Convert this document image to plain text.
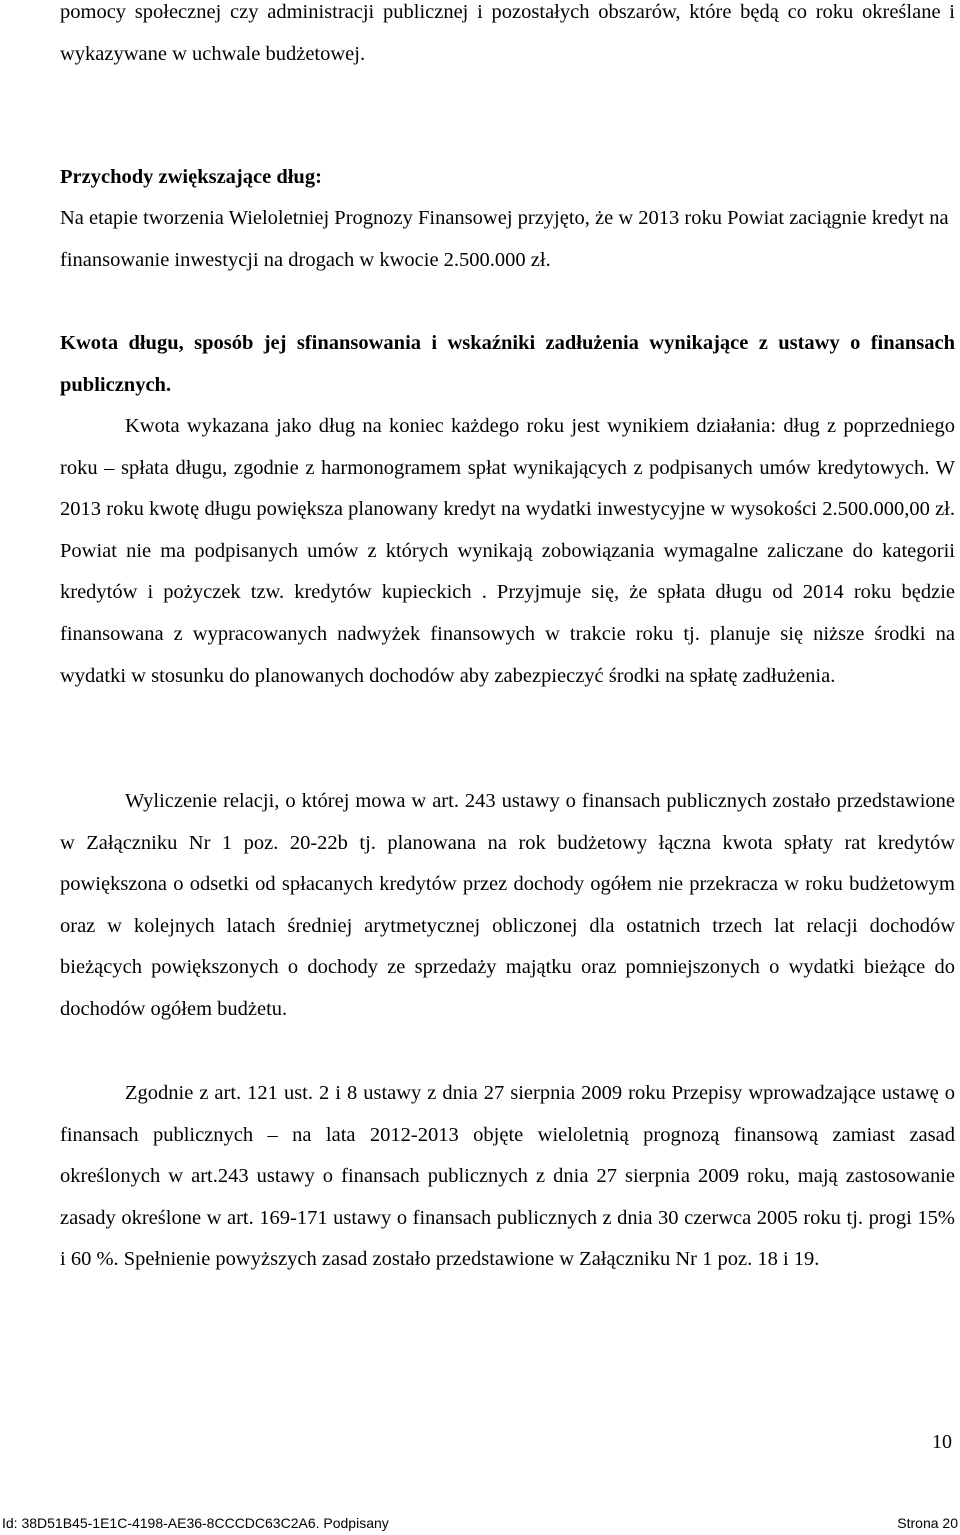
pomocy społecznej czy administracji publicznej i pozostałych obszarów, które będą co roku określane i wykazywane w uchwale budżetowej.

Przychody zwiększające dług:

Na etapie tworzenia Wieloletniej Prognozy Finansowej przyjęto, że w 2013 roku Powiat zaciągnie kredyt na finansowanie inwestycji na drogach w kwocie 2.500.000 zł.

Kwota długu, sposób jej sfinansowania i wskaźniki zadłużenia wynikające z ustawy o finansach publicznych.

Kwota wykazana jako dług na koniec każdego roku jest wynikiem działania: dług z poprzedniego roku – spłata długu, zgodnie z harmonogramem spłat wynikających z podpisanych umów kredytowych. W 2013 roku kwotę długu powiększa planowany kredyt na wydatki inwestycyjne w wysokości 2.500.000,00 zł. Powiat nie ma podpisanych umów z których wynikają zobowiązania wymagalne zaliczane do kategorii kredytów i pożyczek tzw. kredytów kupieckich . Przyjmuje się, że spłata długu od 2014 roku będzie finansowana z wypracowanych nadwyżek finansowych w trakcie roku tj. planuje się niższe środki na wydatki w stosunku do planowanych dochodów aby zabezpieczyć środki na spłatę zadłużenia.

Wyliczenie relacji, o której mowa w art. 243 ustawy o finansach publicznych zostało przedstawione w Załączniku Nr 1 poz. 20-22b tj. planowana na rok budżetowy łączna kwota spłaty rat kredytów powiększona o odsetki od spłacanych kredytów przez dochody ogółem nie przekracza w roku budżetowym oraz w kolejnych latach średniej arytmetycznej obliczonej dla ostatnich trzech lat relacji dochodów bieżących powiększonych o dochody ze sprzedaży majątku oraz pomniejszonych o wydatki bieżące do dochodów ogółem budżetu.

Zgodnie z art. 121 ust. 2 i 8 ustawy z dnia 27 sierpnia 2009 roku Przepisy wprowadzające ustawę o finansach publicznych – na lata 2012-2013 objęte wieloletnią prognozą finansową zamiast zasad określonych w art.243 ustawy o finansach publicznych z dnia 27 sierpnia 2009 roku, mają zastosowanie zasady określone w art. 169-171 ustawy o finansach publicznych z dnia 30 czerwca 2005 roku tj. progi 15% i 60 %. Spełnienie powyższych zasad zostało przedstawione w Załączniku Nr 1 poz. 18 i 19.

10
Id: 38D51B45-1E1C-4198-AE36-8CCCDC63C2A6. Podpisany	Strona 20
